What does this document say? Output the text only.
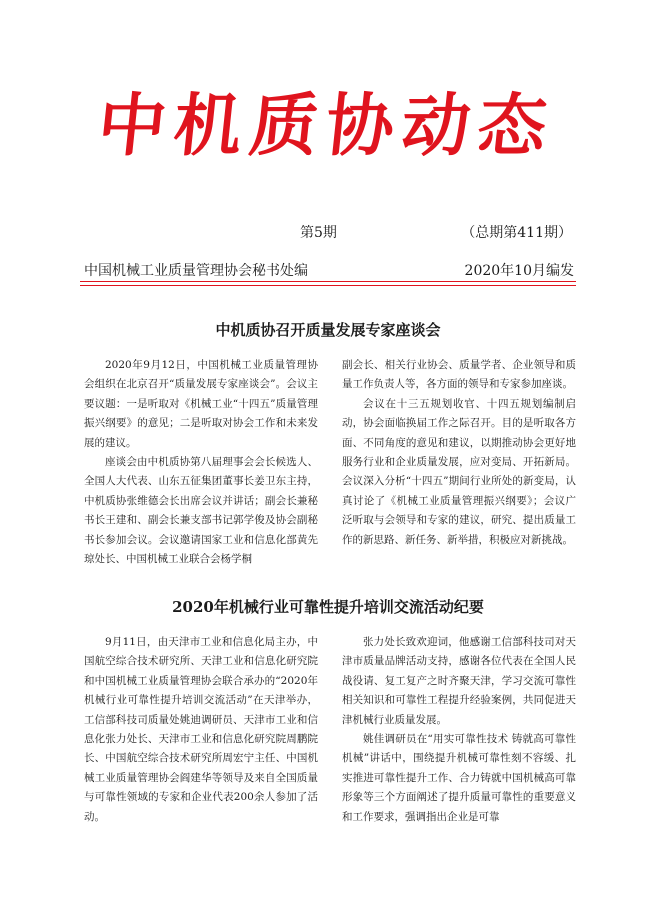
中机质协动态
第5期	（总期第411期）
中国机械工业质量管理协会秘书处编	2020年10月编发
中机质协召开质量发展专家座谈会

2020年9月12日，中国机械工业质量管理协会组织在北京召开“质量发展专家座谈会”。会议主要议题：一是听取对《机械工业“十四五”质量管理振兴纲要》的意见；二是听取对协会工作和未来发展的建议。

座谈会由中机质协第八届理事会会长候选人、全国人大代表、山东五征集团董事长姜卫东主持，中机质协张维德会长出席会议并讲话；副会长兼秘书长王建和、副会长兼支部书记郭学俊及协会副秘书长参加会议。会议邀请国家工业和信息化部黄先琼处长、中国机械工业联合会杨学桐

副会长、相关行业协会、质量学者、企业领导和质量工作负责人等，各方面的领导和专家参加座谈。

会议在十三五规划收官、十四五规划编制启动，协会面临换届工作之际召开。目的是听取各方面、不同角度的意见和建议，以期推动协会更好地服务行业和企业质量发展，应对变局、开拓新局。会议深入分析“十四五”期间行业所处的新变局，认真讨论了《机械工业质量管理振兴纲要》；会议广泛听取与会领导和专家的建议，研究、提出质量工作的新思路、新任务、新举措，积极应对新挑战。

2020年机械行业可靠性提升培训交流活动纪要

9月11日，由天津市工业和信息化局主办，中国航空综合技术研究所、天津工业和信息化研究院和中国机械工业质量管理协会联合承办的“2020年机械行业可靠性提升培训交流活动”在天津举办，工信部科技司质量处姚迪调研员、天津市工业和信息化张力处长、天津市工业和信息化研究院周鹏院长、中国航空综合技术研究所周宏宁主任、中国机械工业质量管理协会阎建华等领导及来自全国质量与可靠性领域的专家和企业代表200余人参加了活动。

张力处长致欢迎词，他感谢工信部科技司对天津市质量品牌活动支持，感谢各位代表在全国人民战役请、复工复产之时齐聚天津，学习交流可靠性相关知识和可靠性工程提升经验案例，共同促进天津机械行业质量发展。

姚佳调研员在“用实可靠性技术 铸就高可靠性机械”讲话中，围绕提升机械可靠性刻不容缓、扎实推进可靠性提升工作、合力铸就中国机械高可靠形象等三个方面阐述了提升质量可靠性的重要意义和工作要求，强调指出企业是可靠
